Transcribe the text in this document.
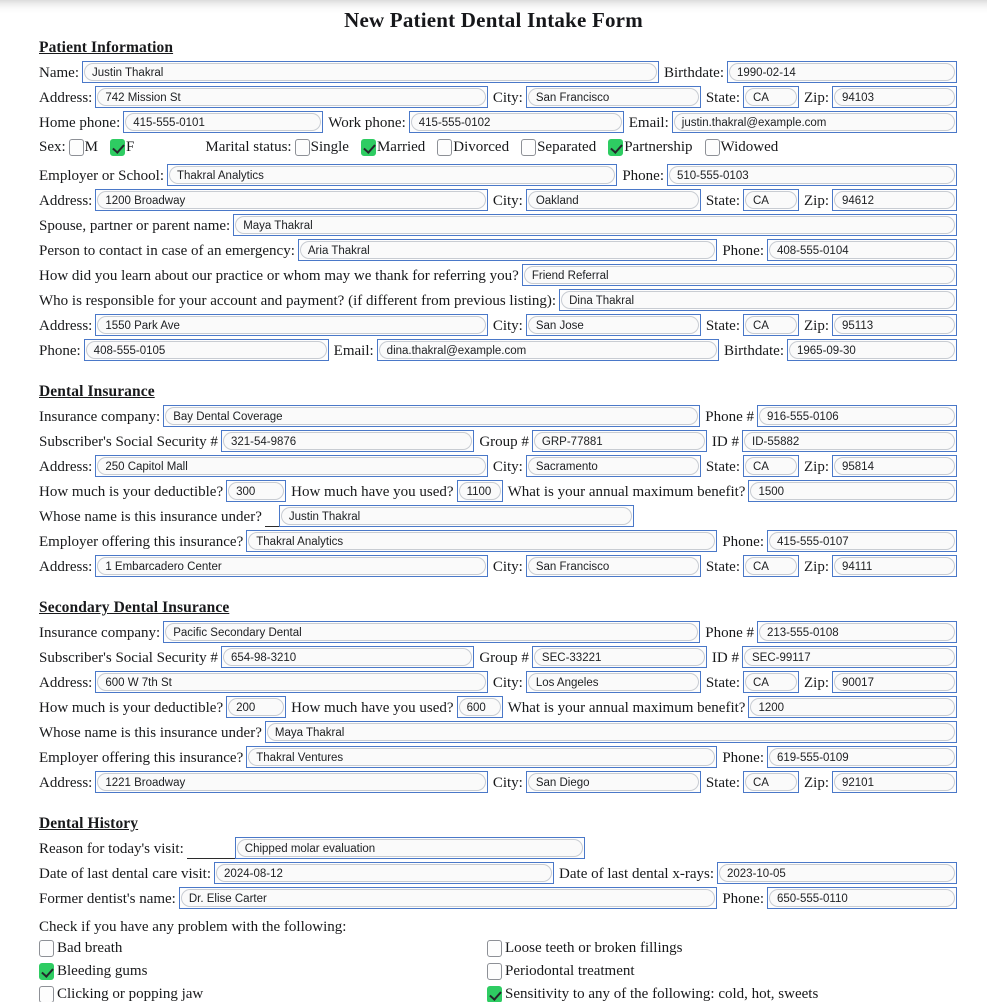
New Patient Dental Intake Form
Patient Information
Name:	Justin Thakral	Birthdate:	1990-02-14
Address:	742 Mission St	City:	San Francisco	State:	CA	Zip:	94103
Home phone:	415-555-0101	Work phone:	415-555-0102	Email:	justin.thakral@example.com
Sex: M F	Marital status: Single Married Divorced Separated Partnership Widowed
Employer or School:	Thakral Analytics	Phone:	510-555-0103
Address:	1200 Broadway	City:	Oakland	State:	CA	Zip:	94612
Spouse, partner or parent name:	Maya Thakral
Person to contact in case of an emergency:	Aria Thakral	Phone:	408-555-0104
How did you learn about our practice or whom may we thank for referring you?	Friend Referral
Who is responsible for your account and payment? (if different from previous listing):	Dina Thakral
Address:	1550 Park Ave	City:	San Jose	State:	CA	Zip:	95113
Phone:	408-555-0105	Email:	dina.thakral@example.com	Birthdate:	1965-09-30
Dental Insurance
Insurance company:	Bay Dental Coverage	Phone #	916-555-0106
Subscriber's Social Security #	321-54-9876	Group #	GRP-77881	ID #	ID-55882
Address:	250 Capitol Mall	City:	Sacramento	State:	CA	Zip:	95814
How much is your deductible?	300	How much have you used?	1100	What is your annual maximum benefit?	1500
Whose name is this insurance under?	Justin Thakral
Employer offering this insurance?	Thakral Analytics	Phone:	415-555-0107
Address:	1 Embarcadero Center	City:	San Francisco	State:	CA	Zip:	94111
Secondary Dental Insurance
Insurance company:	Pacific Secondary Dental	Phone #	213-555-0108
Subscriber's Social Security #	654-98-3210	Group #	SEC-33221	ID #	SEC-99117
Address:	600 W 7th St	City:	Los Angeles	State:	CA	Zip:	90017
How much is your deductible?	200	How much have you used?	600	What is your annual maximum benefit?	1200
Whose name is this insurance under?	Maya Thakral
Employer offering this insurance?	Thakral Ventures	Phone:	619-555-0109
Address:	1221 Broadway	City:	San Diego	State:	CA	Zip:	92101
Dental History
Reason for today's visit:	Chipped molar evaluation
Date of last dental care visit:	2024-08-12	Date of last dental x-rays:	2023-10-05
Former dentist's name:	Dr. Elise Carter	Phone:	650-555-0110
Check if you have any problem with the following:
Bad breath	Loose teeth or broken fillings
Bleeding gums	Periodontal treatment
Clicking or popping jaw	Sensitivity to any of the following: cold, hot, sweets
